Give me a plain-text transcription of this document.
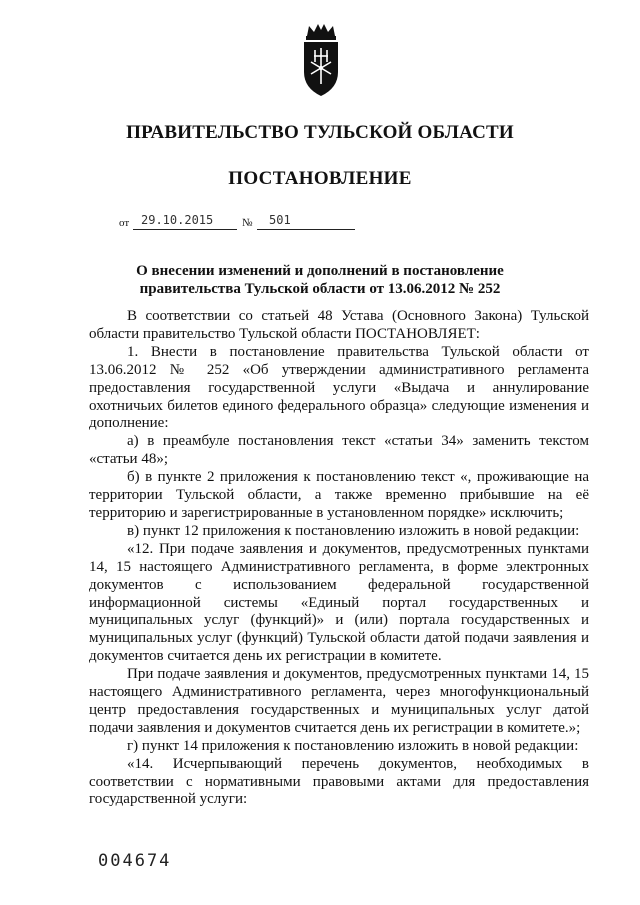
ПРАВИТЕЛЬСТВО ТУЛЬСКОЙ ОБЛАСТИ
ПОСТАНОВЛЕНИЕ
от 29.10.2015	№ 501
О внесении изменений и дополнений в постановление
правительства Тульской области от 13.06.2012 № 252

В соответствии со статьей 48 Устава (Основного Закона) Тульской области правительство Тульской области ПОСТАНОВЛЯЕТ:

1. Внести в постановление правительства Тульской области от 13.06.2012 № 252 «Об утверждении административного регламента предоставления государственной услуги «Выдача и аннулирование охотничьих билетов единого федерального образца» следующие изменения и дополнение:

а) в преамбуле постановления текст «статьи 34» заменить текстом «статьи 48»;

б) в пункте 2 приложения к постановлению текст «, проживающие на территории Тульской области, а также временно прибывшие на её территорию и зарегистрированные в установленном порядке» исключить;

в) пункт 12 приложения к постановлению изложить в новой редакции:

«12. При подаче заявления и документов, предусмотренных пунктами 14, 15 настоящего Административного регламента, в форме электронных документов с использованием федеральной государственной информационной системы «Единый портал государственных и муниципальных услуг (функций)» и (или) портала государственных и муниципальных услуг (функций) Тульской области датой подачи заявления и документов считается день их регистрации в комитете.

При подаче заявления и документов, предусмотренных пунктами 14, 15 настоящего Административного регламента, через многофункциональный центр предоставления государственных и муниципальных услуг датой подачи заявления и документов считается день их регистрации в комитете.»;

г) пункт 14 приложения к постановлению изложить в новой редакции:

«14. Исчерпывающий перечень документов, необходимых в соответствии с нормативными правовыми актами для предоставления государственной услуги:

004674
